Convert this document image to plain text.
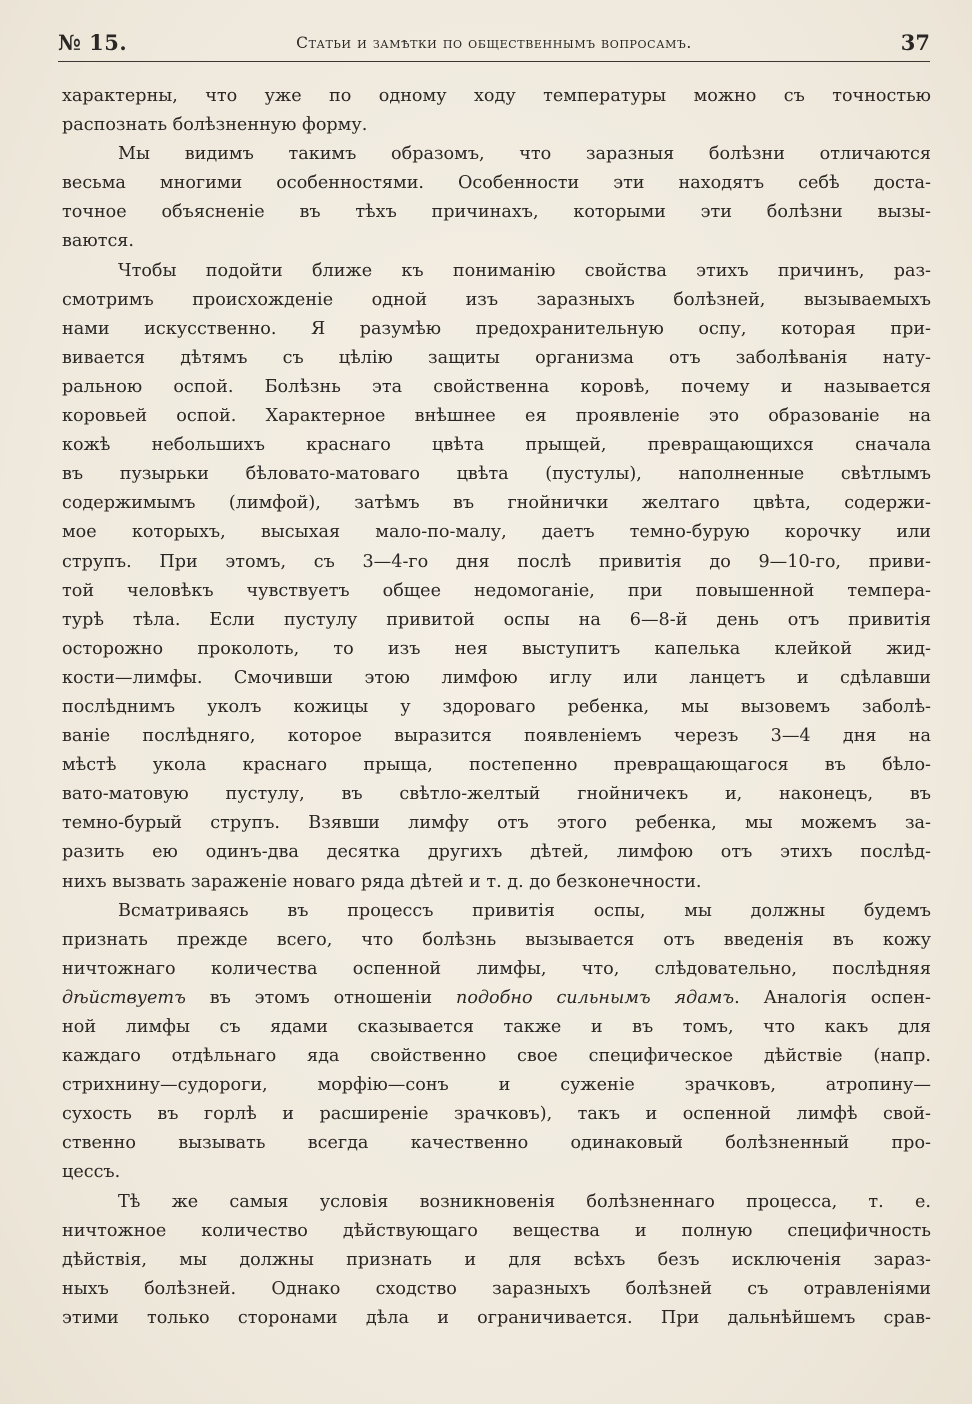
№ 15.	Статьи и замѣтки по общественнымъ вопросамъ.	37
характерны, что уже по одному ходу температуры можно съ точностью
распознать болѣзненную форму.
Мы видимъ такимъ образомъ, что заразныя болѣзни отличаются
весьма многими особенностями. Особенности эти находятъ себѣ доста-
точное объясненіе въ тѣхъ причинахъ, которыми эти болѣзни вызы-
ваются.
Чтобы подойти ближе къ пониманію свойства этихъ причинъ, раз-
смотримъ происхожденіе одной изъ заразныхъ болѣзней, вызываемыхъ
нами искусственно. Я разумѣю предохранительную оспу, которая при-
вивается дѣтямъ съ цѣлію защиты организма отъ заболѣванія нату-
ральною оспой. Болѣзнь эта свойственна коровѣ, почему и называется
коровьей оспой. Характерное внѣшнее ея проявленіе это образованіе на
кожѣ небольшихъ краснаго цвѣта прыщей, превращающихся сначала
въ пузырьки бѣловато-матоваго цвѣта (пустулы), наполненные свѣтлымъ
содержимымъ (лимфой), затѣмъ въ гнойнички желтаго цвѣта, содержи-
мое которыхъ, высыхая мало-по-малу, даетъ темно-бурую корочку или
струпъ. При этомъ, съ 3—4-го дня послѣ привитія до 9—10-го, приви-
той человѣкъ чувствуетъ общее недомоганіе, при повышенной темпера-
турѣ тѣла. Если пустулу привитой оспы на 6—8-й день отъ привитія
осторожно проколоть, то изъ нея выступитъ капелька клейкой жид-
кости—лимфы. Смочивши этою лимфою иглу или ланцетъ и сдѣлавши
послѣднимъ уколъ кожицы у здороваго ребенка, мы вызовемъ заболѣ-
ваніе послѣдняго, которое выразится появленіемъ черезъ 3—4 дня на
мѣстѣ укола краснаго прыща, постепенно превращающагося въ бѣло-
вато-матовую пустулу, въ свѣтло-желтый гнойничекъ и, наконецъ, въ
темно-бурый струпъ. Взявши лимфу отъ этого ребенка, мы можемъ за-
разить ею одинъ-два десятка другихъ дѣтей, лимфою отъ этихъ послѣд-
нихъ вызвать зараженіе новаго ряда дѣтей и т. д. до безконечности.
Всматриваясь въ процессъ привитія оспы, мы должны будемъ
признать прежде всего, что болѣзнь вызывается отъ введенія въ кожу
ничтожнаго количества оспенной лимфы, что, слѣдовательно, послѣдняя
дѣйствуетъ въ этомъ отношеніи подобно сильнымъ ядамъ. Аналогія оспен-
ной лимфы съ ядами сказывается также и въ томъ, что какъ для
каждаго отдѣльнаго яда свойственно свое специфическое дѣйствіе (напр.
стрихнину—судороги, морфію—сонъ и суженіе зрачковъ, атропину—
сухость въ горлѣ и расширеніе зрачковъ), такъ и оспенной лимфѣ свой-
ственно вызывать всегда качественно одинаковый болѣзненный про-
цессъ.
Тѣ же самыя условія возникновенія болѣзненнаго процесса, т. е.
ничтожное количество дѣйствующаго вещества и полную специфичность
дѣйствія, мы должны признать и для всѣхъ безъ исключенія зараз-
ныхъ болѣзней. Однако сходство заразныхъ болѣзней съ отравленіями
этими только сторонами дѣла и ограничивается. При дальнѣйшемъ срав-
